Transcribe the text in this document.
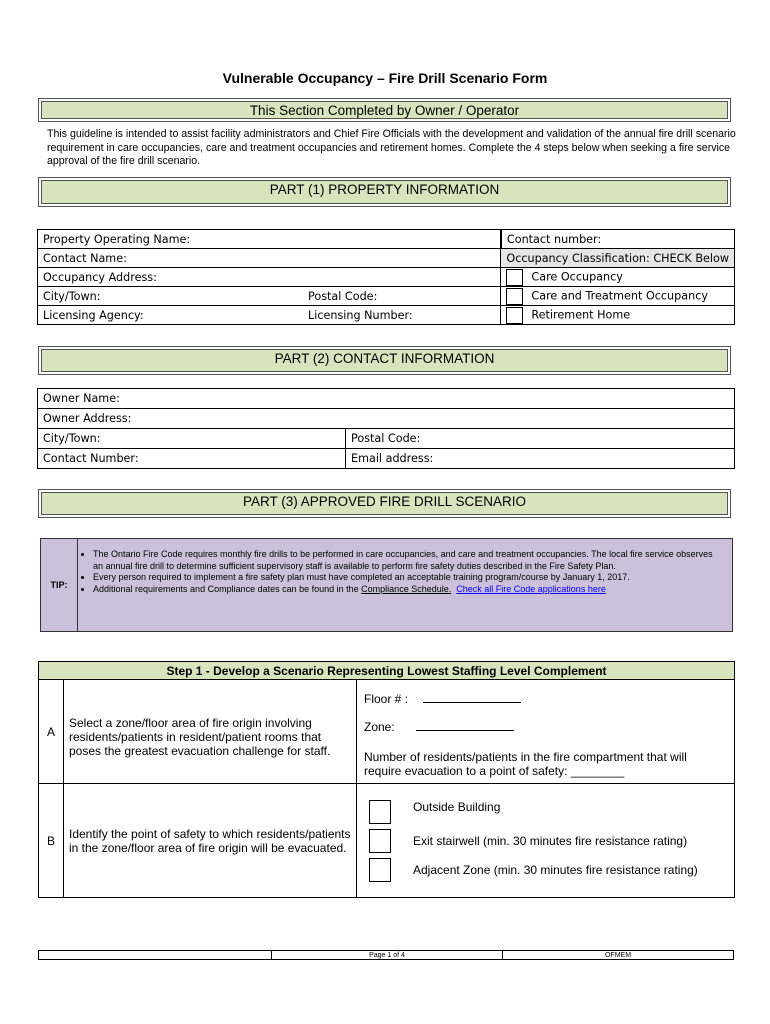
Vulnerable Occupancy – Fire Drill Scenario Form
This Section Completed by Owner / Operator
This guideline is intended to assist facility administrators and Chief Fire Officials with the development and validation of the annual fire drill scenario requirement in care occupancies, care and treatment occupancies and retirement homes. Complete the 4 steps below when seeking a fire service approval of the fire drill scenario.
PART (1) PROPERTY INFORMATION
Property Operating Name:		Contact number:
Contact Name:		Occupancy Classification: CHECK Below
Occupancy Address:		Care Occupancy
City/Town:	Postal Code:	Care and Treatment Occupancy
Licensing Agency:	Licensing Number:	Retirement Home
PART (2) CONTACT INFORMATION
Owner Name:	
Owner Address:	
City/Town:	Postal Code:
Contact Number:	Email address:
PART (3) APPROVED FIRE DRILL SCENARIO
TIP:
• The Ontario Fire Code requires monthly fire drills to be performed in care occupancies, and care and treatment occupancies. The local fire service observes an annual fire drill to determine sufficient supervisory staff is available to perform fire safety duties described in the Fire Safety Plan.
• Every person required to implement a fire safety plan must have completed an acceptable training program/course by January 1, 2017.
• Additional requirements and Compliance dates can be found in the Compliance Schedule. Check all Fire Code applications here
Step 1 - Develop a Scenario Representing Lowest Staffing Level Complement		
A	Select a zone/floor area of fire origin involving residents/patients in resident/patient rooms that poses the greatest evacuation challenge for staff.	Floor # :
Zone:
Number of residents/patients in the fire compartment that will require evacuation to a point of safety: ________

B	Identify the point of safety to which residents/patients in the zone/floor area of fire origin will be evacuated.	Outside Building
Exit stairwell (min. 30 minutes fire resistance rating)
Adjacent Zone (min. 30 minutes fire resistance rating)
	Page 1 of 4	OFMEM
